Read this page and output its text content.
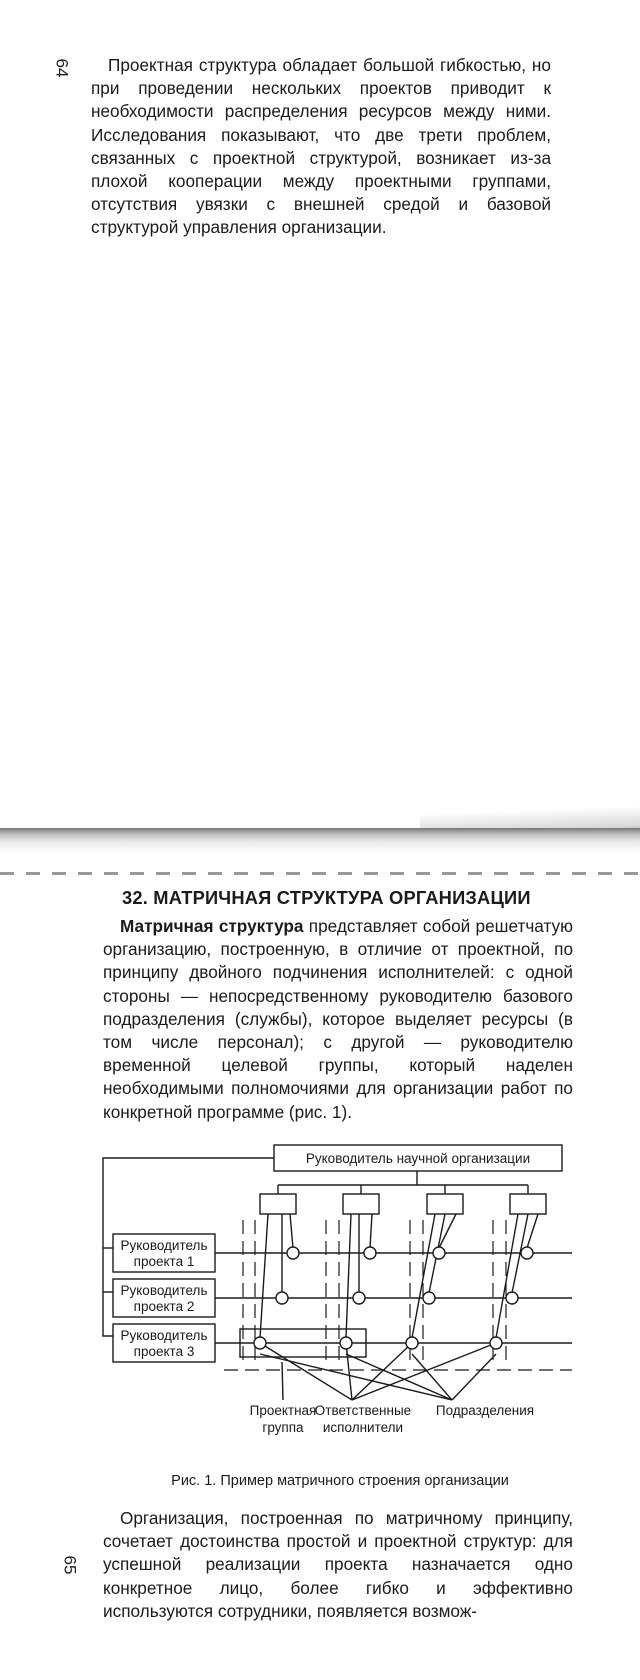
64	Проектная структура обладает большой гибкостью, но при проведении нескольких проектов приводит к необходимости распределения ресурсов между ними. Исследования показывают, что две трети проблем, связанных с проектной структурой, возникает из-за плохой кооперации между проектными группами, отсутствия увязки с внешней средой и базовой структурой управления организации.

32. МАТРИЧНАЯ СТРУКТУРА ОРГАНИЗАЦИИ

Матричная структура представляет собой решетчатую организацию, построенную, в отличие от проектной, по принципу двойного подчинения исполнителей: с одной стороны — непосредственному руководителю базового подразделения (службы), которое выделяет ресурсы (в том числе персонал); с другой — руководителю временной целевой группы, который наделен необходимыми полномочиями для организации работ по конкретной программе (рис. 1).

Руководитель научной организации
Руководитель
проекта 1
Руководитель
проекта 2
Руководитель
проекта 3
Проектная
группа
Ответственные
исполнители
Подразделения

Рис. 1. Пример матричного строения организации

Организация, построенная по матричному принципу, сочетает достоинства простой и проектной структур: для успешной реализации проекта назначается одно конкретное лицо, более гибко и эффективно используются сотрудники, появляется возмож-

65
